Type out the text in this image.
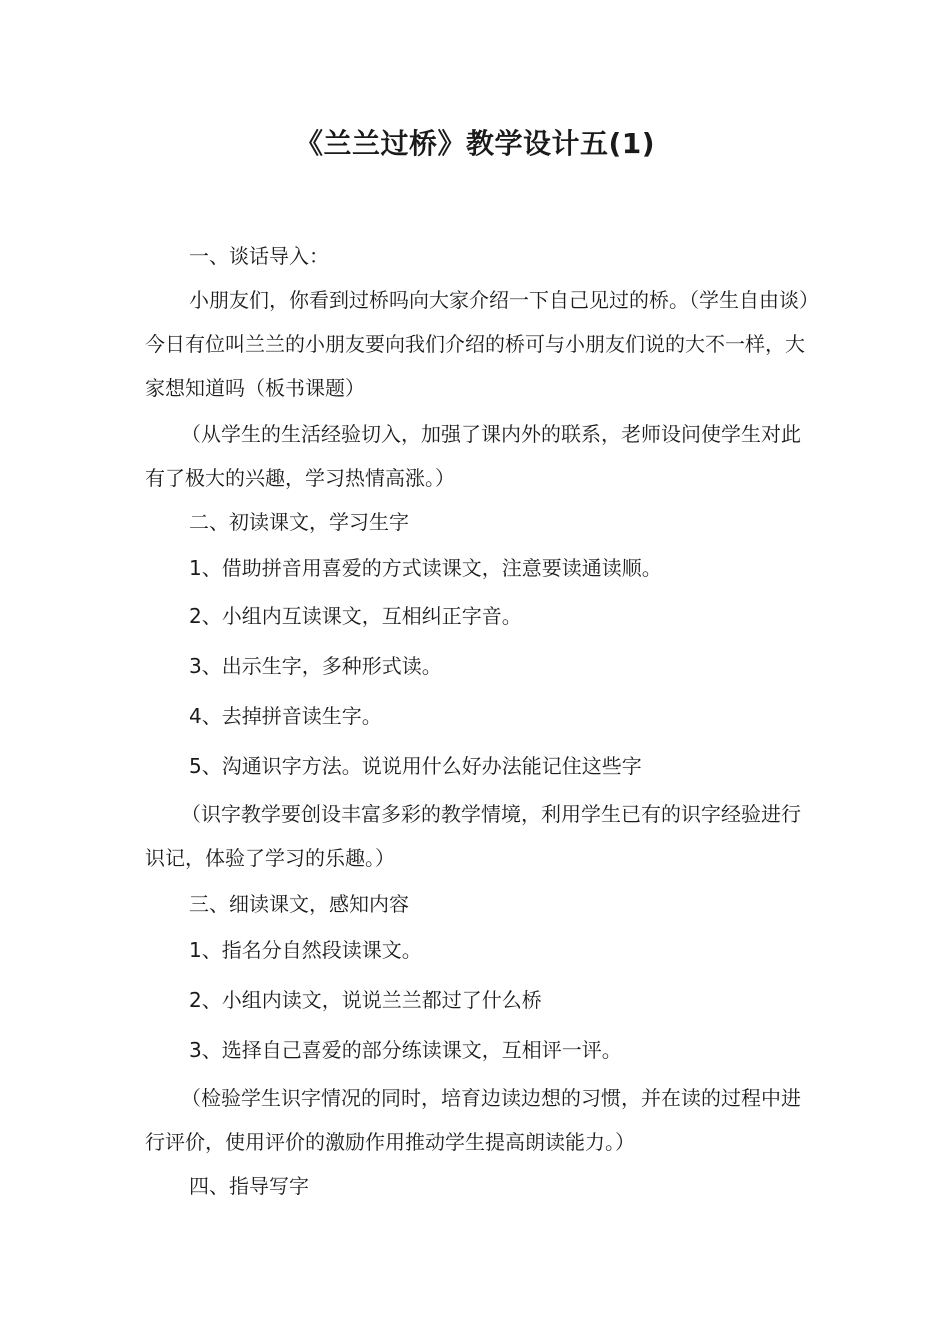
《兰兰过桥》教学设计五(1)

一、谈话导入：

小朋友们，你看到过桥吗向大家介绍一下自己见过的桥。（学生自由谈）今日有位叫兰兰的小朋友要向我们介绍的桥可与小朋友们说的大不一样，大家想知道吗（板书课题）

（从学生的生活经验切入，加强了课内外的联系，老师设问使学生对此有了极大的兴趣，学习热情高涨。）

二、初读课文，学习生字

1、借助拼音用喜爱的方式读课文，注意要读通读顺。

2、小组内互读课文，互相纠正字音。

3、出示生字，多种形式读。

4、去掉拼音读生字。

5、沟通识字方法。说说用什么好办法能记住这些字

（识字教学要创设丰富多彩的教学情境，利用学生已有的识字经验进行识记，体验了学习的乐趣。）

三、细读课文，感知内容

1、指名分自然段读课文。

2、小组内读文，说说兰兰都过了什么桥

3、选择自己喜爱的部分练读课文，互相评一评。

（检验学生识字情况的同时，培育边读边想的习惯，并在读的过程中进行评价，使用评价的激励作用推动学生提高朗读能力。）

四、指导写字
